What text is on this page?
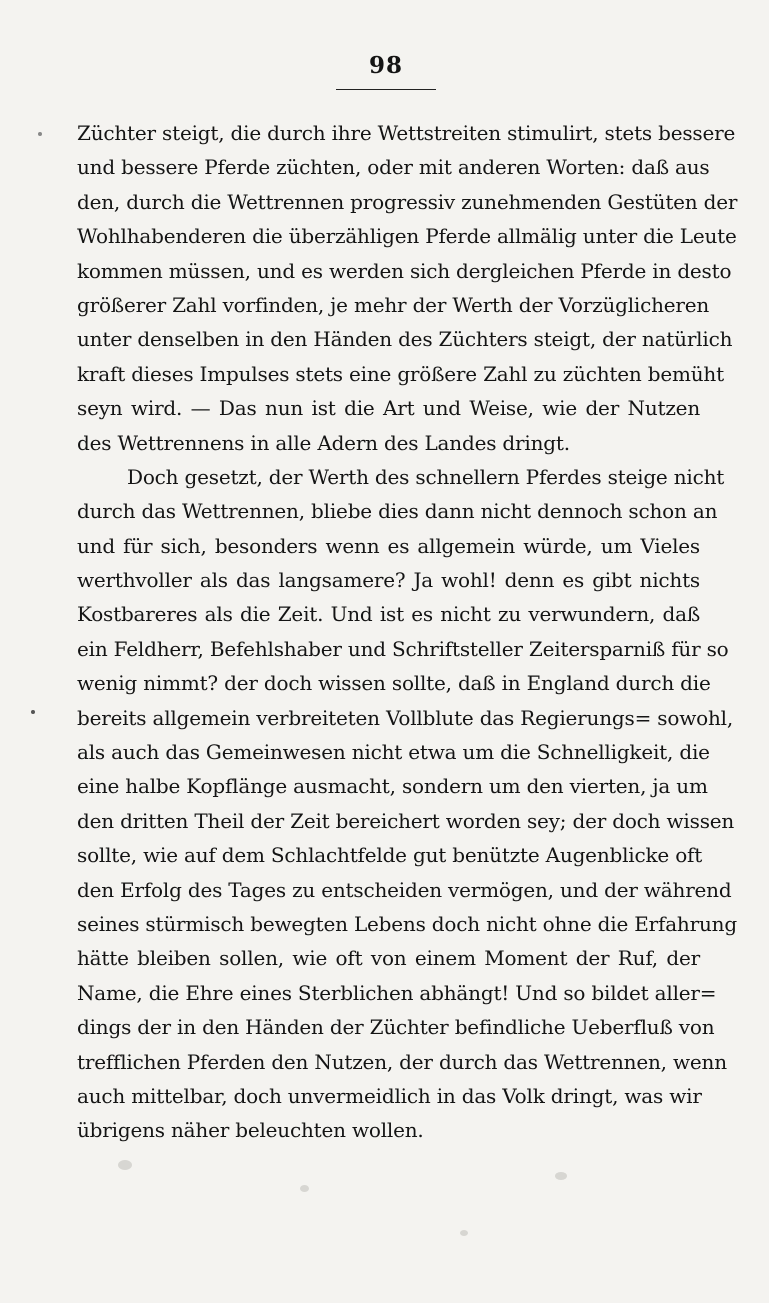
98
Züchter steigt, die durch ihre Wettstreiten stimulirt, stets bessere
und bessere Pferde züchten, oder mit anderen Worten: daß aus
den, durch die Wettrennen progressiv zunehmenden Gestüten der
Wohlhabenderen die überzähligen Pferde allmälig unter die Leute
kommen müssen, und es werden sich dergleichen Pferde in desto
größerer Zahl vorfinden, je mehr der Werth der Vorzüglicheren
unter denselben in den Händen des Züchters steigt, der natürlich
kraft dieses Impulses stets eine größere Zahl zu züchten bemüht
seyn wird. — Das nun ist die Art und Weise, wie der Nutzen
des Wettrennens in alle Adern des Landes dringt.
Doch gesetzt, der Werth des schnellern Pferdes steige nicht
durch das Wettrennen, bliebe dies dann nicht dennoch schon an
und für sich, besonders wenn es allgemein würde, um Vieles
werthvoller als das langsamere? Ja wohl! denn es gibt nichts
Kostbareres als die Zeit. Und ist es nicht zu verwundern, daß
ein Feldherr, Befehlshaber und Schriftsteller Zeitersparniß für so
wenig nimmt? der doch wissen sollte, daß in England durch die
bereits allgemein verbreiteten Vollblute das Regierungs= sowohl,
als auch das Gemeinwesen nicht etwa um die Schnelligkeit, die
eine halbe Kopflänge ausmacht, sondern um den vierten, ja um
den dritten Theil der Zeit bereichert worden sey; der doch wissen
sollte, wie auf dem Schlachtfelde gut benützte Augenblicke oft
den Erfolg des Tages zu entscheiden vermögen, und der während
seines stürmisch bewegten Lebens doch nicht ohne die Erfahrung
hätte bleiben sollen, wie oft von einem Moment der Ruf, der
Name, die Ehre eines Sterblichen abhängt! Und so bildet aller=
dings der in den Händen der Züchter befindliche Ueberfluß von
trefflichen Pferden den Nutzen, der durch das Wettrennen, wenn
auch mittelbar, doch unvermeidlich in das Volk dringt, was wir
übrigens näher beleuchten wollen.
